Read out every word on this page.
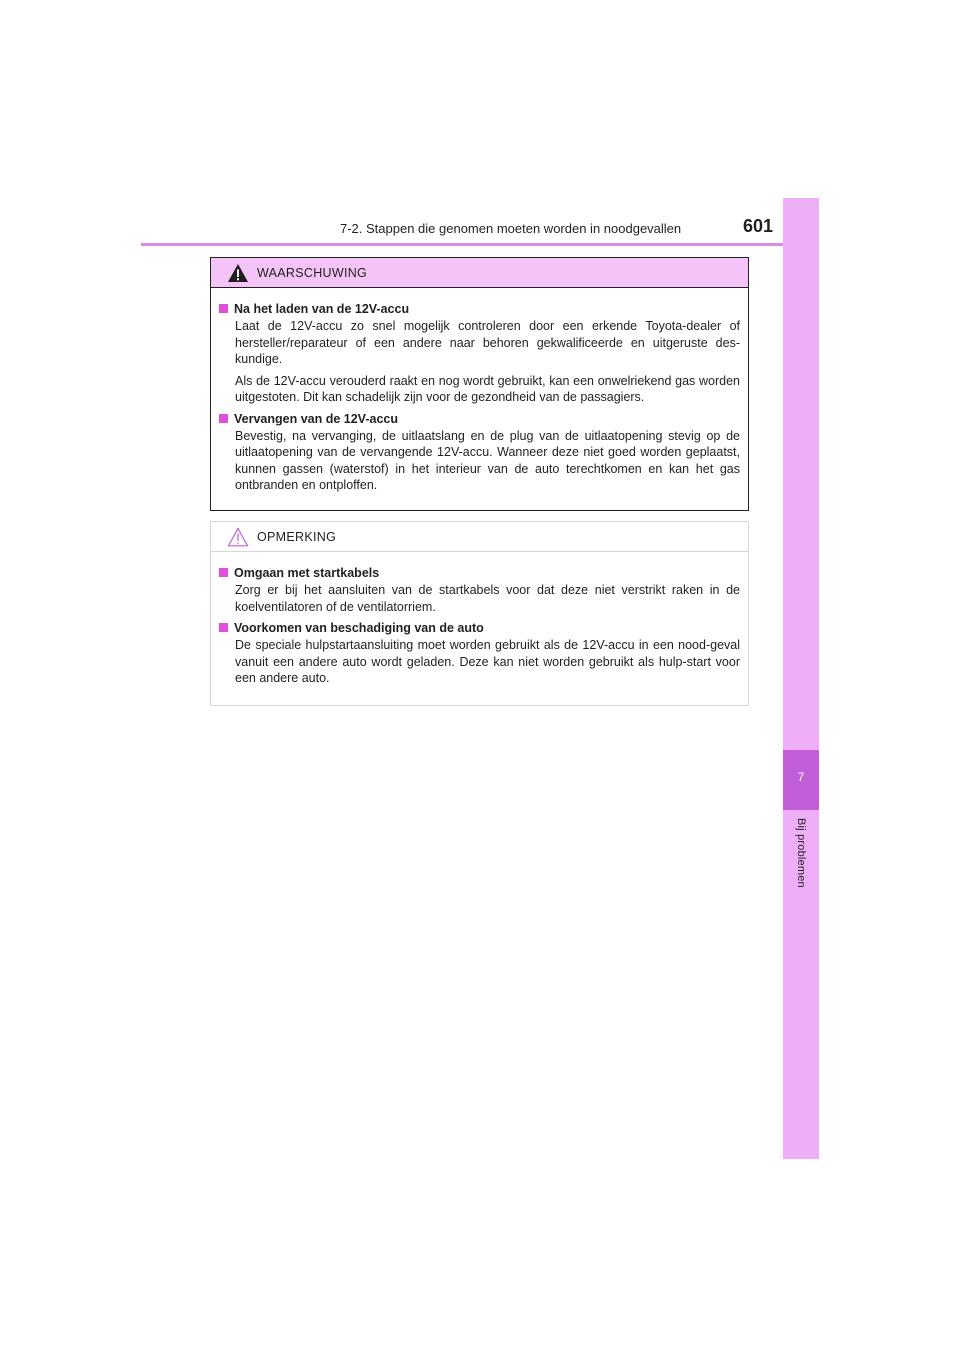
7-2. Stappen die genomen moeten worden in noodgevallen	601
7
Bij problemen
WAARSCHUWING
Na het laden van de 12V-accu

Laat de 12V-accu zo snel mogelijk controleren door een erkende Toyota-dealer of hersteller/reparateur of een andere naar behoren gekwalificeerde en uitgeruste des-kundige.

Als de 12V-accu verouderd raakt en nog wordt gebruikt, kan een onwelriekend gas worden uitgestoten. Dit kan schadelijk zijn voor de gezondheid van de passagiers.

Vervangen van de 12V-accu

Bevestig, na vervanging, de uitlaatslang en de plug van de uitlaatopening stevig op de uitlaatopening van de vervangende 12V-accu. Wanneer deze niet goed worden geplaatst, kunnen gassen (waterstof) in het interieur van de auto terechtkomen en kan het gas ontbranden en ontploffen.

OPMERKING
Omgaan met startkabels

Zorg er bij het aansluiten van de startkabels voor dat deze niet verstrikt raken in de koelventilatoren of de ventilatorriem.

Voorkomen van beschadiging van de auto

De speciale hulpstartaansluiting moet worden gebruikt als de 12V-accu in een nood-geval vanuit een andere auto wordt geladen. Deze kan niet worden gebruikt als hulp-start voor een andere auto.
